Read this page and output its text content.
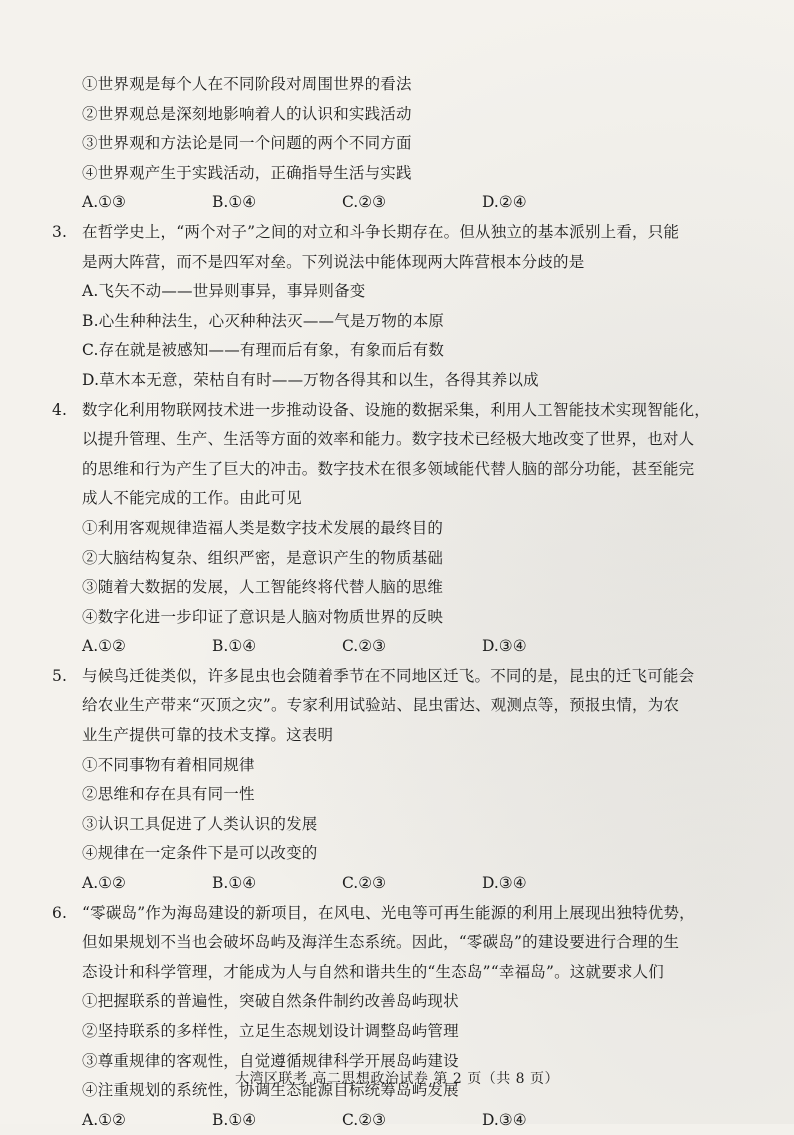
①世界观是每个人在不同阶段对周围世界的看法
②世界观总是深刻地影响着人的认识和实践活动
③世界观和方法论是同一个问题的两个不同方面
④世界观产生于实践活动，正确指导生活与实践
A.①③	B.①④	C.②③	D.②④
3. 在哲学史上，“两个对子”之间的对立和斗争长期存在。但从独立的基本派别上看，只能
是两大阵营，而不是四军对垒。下列说法中能体现两大阵营根本分歧的是
A.飞矢不动——世异则事异，事异则备变
B.心生种种法生，心灭种种法灭——气是万物的本原
C.存在就是被感知——有理而后有象，有象而后有数
D.草木本无意，荣枯自有时——万物各得其和以生，各得其养以成
4. 数字化利用物联网技术进一步推动设备、设施的数据采集，利用人工智能技术实现智能化，
以提升管理、生产、生活等方面的效率和能力。数字技术已经极大地改变了世界，也对人
的思维和行为产生了巨大的冲击。数字技术在很多领域能代替人脑的部分功能，甚至能完
成人不能完成的工作。由此可见
①利用客观规律造福人类是数字技术发展的最终目的
②大脑结构复杂、组织严密，是意识产生的物质基础
③随着大数据的发展，人工智能终将代替人脑的思维
④数字化进一步印证了意识是人脑对物质世界的反映
A.①②	B.①④	C.②③	D.③④
5. 与候鸟迁徙类似，许多昆虫也会随着季节在不同地区迁飞。不同的是，昆虫的迁飞可能会
给农业生产带来“灭顶之灾”。专家利用试验站、昆虫雷达、观测点等，预报虫情，为农
业生产提供可靠的技术支撑。这表明
①不同事物有着相同规律
②思维和存在具有同一性
③认识工具促进了人类认识的发展
④规律在一定条件下是可以改变的
A.①②	B.①④	C.②③	D.③④
6. “零碳岛”作为海岛建设的新项目，在风电、光电等可再生能源的利用上展现出独特优势，
但如果规划不当也会破坏岛屿及海洋生态系统。因此，“零碳岛”的建设要进行合理的生
态设计和科学管理，才能成为人与自然和谐共生的“生态岛”“幸福岛”。这就要求人们
①把握联系的普遍性，突破自然条件制约改善岛屿现状
②坚持联系的多样性，立足生态规划设计调整岛屿管理
③尊重规律的客观性，自觉遵循规律科学开展岛屿建设
④注重规划的系统性，协调生态能源目标统筹岛屿发展
A.①②	B.①④	C.②③	D.③④
大湾区联考 高二思想政治试卷 第 2 页（共 8 页）
